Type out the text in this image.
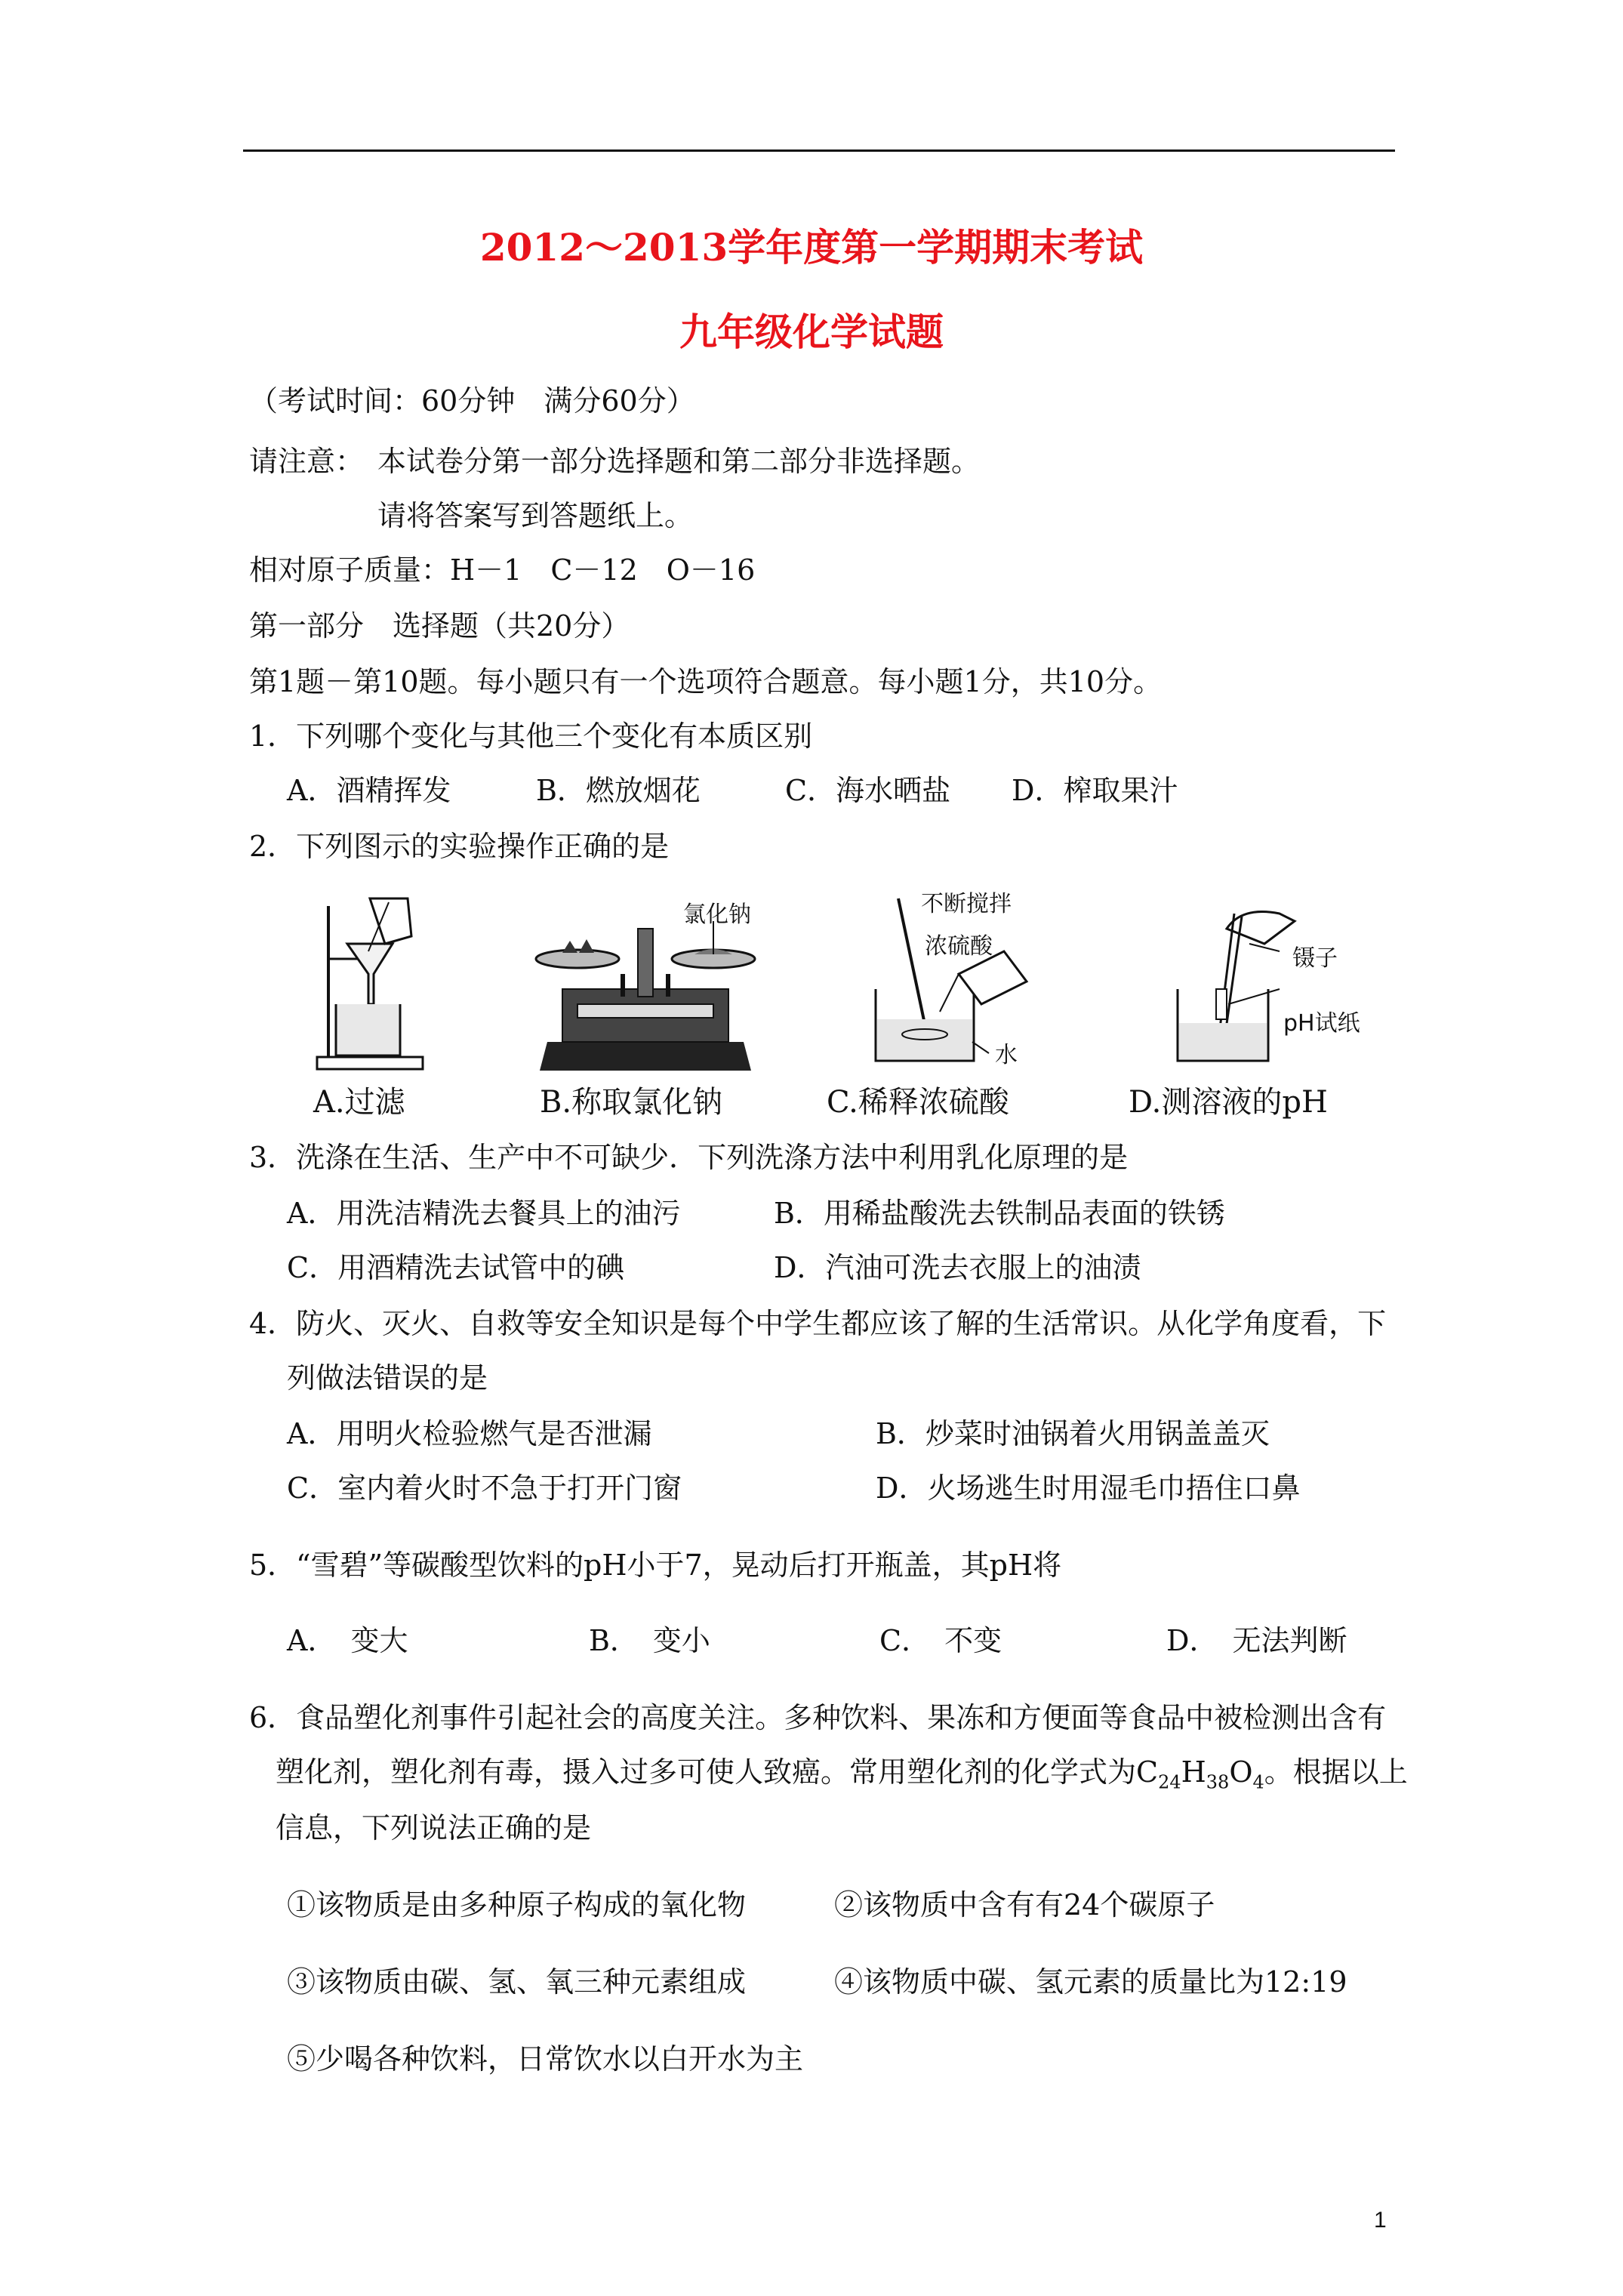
2012～2013学年度第一学期期末考试
九年级化学试题
（考试时间：60分钟　满分60分）
请注意： 本试卷分第一部分选择题和第二部分非选择题。
请将答案写到答题纸上。
相对原子质量：H－1　C－12　O－16
第一部分　选择题（共20分）
第1题－第10题。每小题只有一个选项符合题意。每小题1分，共10分。
1．下列哪个变化与其他三个变化有本质区别
A．酒精挥发	B．燃放烟花	C．海水晒盐 D．榨取果汁
2．下列图示的实验操作正确的是
氯化钠	不断搅拌
浓硫酸
水
镊子
pH试纸
A.过滤	B.称取氯化钠	C.稀释浓硫酸	D.测溶液的pH
3．洗涤在生活、生产中不可缺少．下列洗涤方法中利用乳化原理的是
A．用洗洁精洗去餐具上的油污	B．用稀盐酸洗去铁制品表面的铁锈
C．用酒精洗去试管中的碘	D．汽油可洗去衣服上的油渍
4．防火、灭火、自救等安全知识是每个中学生都应该了解的生活常识。从化学角度看，下
列做法错误的是
A．用明火检验燃气是否泄漏	B．炒菜时油锅着火用锅盖盖灭
C．室内着火时不急于打开门窗	D．火场逃生时用湿毛巾捂住口鼻
5．“雪碧”等碳酸型饮料的pH小于7，晃动后打开瓶盖，其pH将
A．　变大	B．　变小	C．　不变	D．　无法判断
6．食品塑化剂事件引起社会的高度关注。多种饮料、果冻和方便面等食品中被检测出含有
塑化剂，塑化剂有毒，摄入过多可使人致癌。常用塑化剂的化学式为$C_{24}H_{38}O_4$。根据以上
信息，下列说法正确的是
①该物质是由多种原子构成的氧化物	②该物质中含有有24个碳原子
③该物质由碳、氢、氧三种元素组成	④该物质中碳、氢元素的质量比为12:19
⑤少喝各种饮料，日常饮水以白开水为主
1
